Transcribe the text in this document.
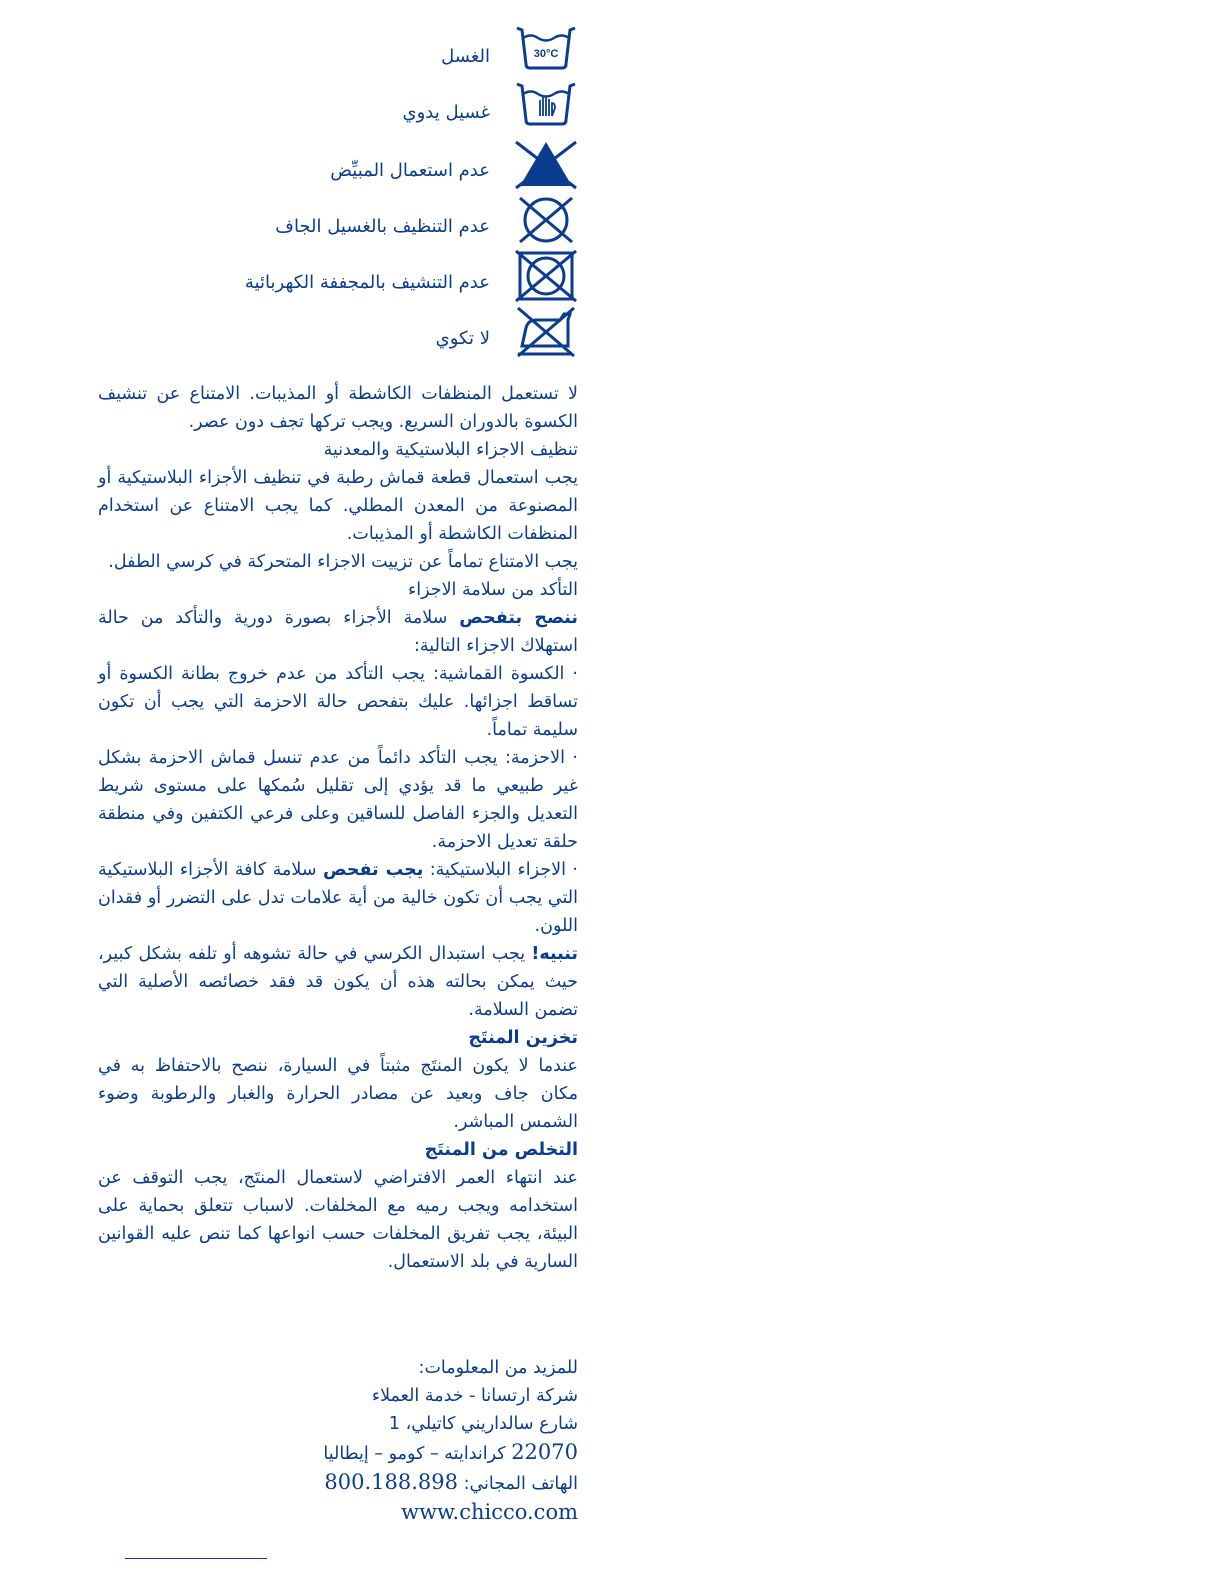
30°C
الغسل
غسيل يدوي
عدم استعمال المبيِّض
عدم التنظيف بالغسيل الجاف
عدم التنشيف بالمجففة الكهربائية
لا تكوي

لا تستعمل المنظفات الكاشطة أو المذيبات. الامتناع عن تنشيف الكسوة بالدوران السريع. ويجب تركها تجف دون عصر.

تنظيف الاجزاء البلاستيكية والمعدنية

يجب استعمال قطعة قماش رطبة في تنظيف الأجزاء البلاستيكية أو المصنوعة من المعدن المطلي. كما يجب الامتناع عن استخدام المنظفات الكاشطة أو المذيبات.

يجب الامتناع تماماً عن تزييت الاجزاء المتحركة في كرسي الطفل.

التأكد من سلامة الاجزاء

ننصح بتفحص سلامة الأجزاء بصورة دورية والتأكد من حالة استهلاك الاجزاء التالية:

· الكسوة القماشية: يجب التأكد من عدم خروج بطانة الكسوة أو تساقط اجزائها. عليك بتفحص حالة الاحزمة التي يجب أن تكون سليمة تماماً.

· الاحزمة: يجب التأكد دائماً من عدم تنسل قماش الاحزمة بشكل غير طبيعي ما قد يؤدي إلى تقليل سُمكها على مستوى شريط التعديل والجزء الفاصل للساقين وعلى فرعي الكتفين وفي منطقة حلقة تعديل الاحزمة.

· الاجزاء البلاستيكية: يجب تفحص سلامة كافة الأجزاء البلاستيكية التي يجب أن تكون خالية من أية علامات تدل على التضرر أو فقدان اللون.

تنبيه! يجب استبدال الكرسي في حالة تشوهه أو تلفه بشكل كبير، حيث يمكن بحالته هذه أن يكون قد فقد خصائصه الأصلية التي تضمن السلامة.

تخزين المنتَج

عندما لا يكون المنتَج مثبتاً في السيارة، ننصح بالاحتفاظ به في مكان جاف وبعيد عن مصادر الحرارة والغبار والرطوبة وضوء الشمس المباشر.

التخلص من المنتَج

عند انتهاء العمر الافتراضي لاستعمال المنتَج، يجب التوقف عن استخدامه ويجب رميه مع المخلفات. لاسباب تتعلق بحماية على البيئة، يجب تفريق المخلفات حسب انواعها كما تنص عليه القوانين السارية في بلد الاستعمال.

للمزيد من المعلومات:

شركة ارتسانا - خدمة العملاء

شارع سالداريني كاتيلي، 1

22070 كراندايته – كومو – إيطاليا

الهاتف المجاني: 800.188.898

www.chicco.com
